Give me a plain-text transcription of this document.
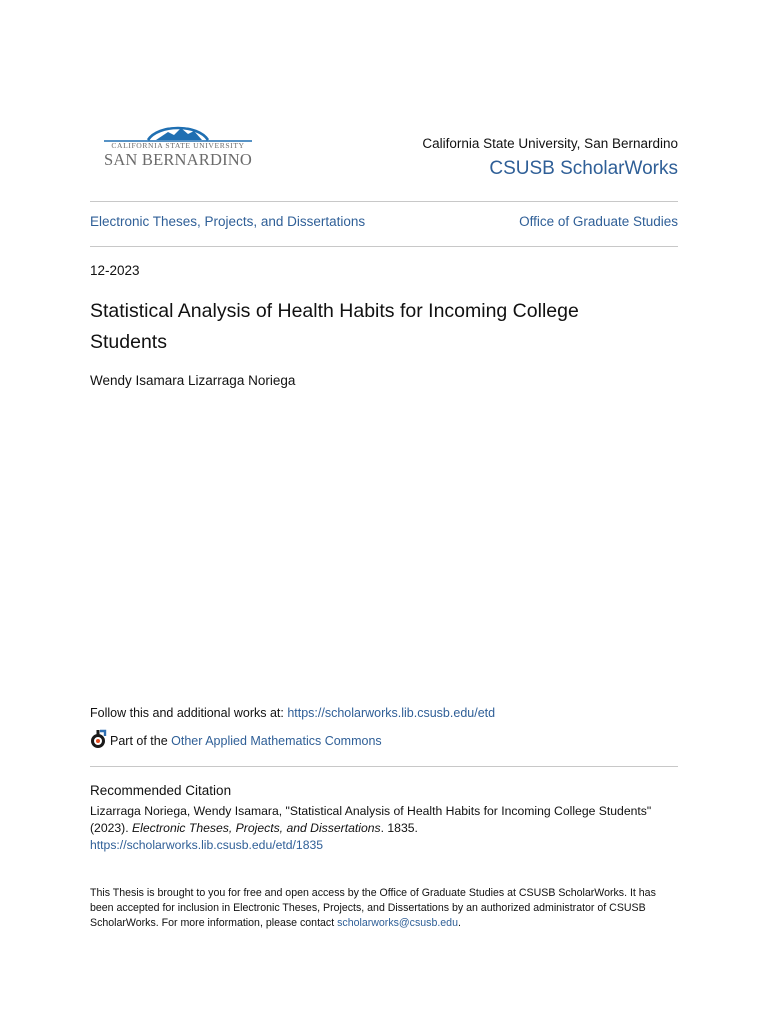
CALIFORNIA STATE UNIVERSITY
SAN BERNARDINO
California State University, San Bernardino
CSUSB ScholarWorks
Electronic Theses, Projects, and Dissertations	Office of Graduate Studies
12-2023
Statistical Analysis of Health Habits for Incoming College Students
Wendy Isamara Lizarraga Noriega
Follow this and additional works at: https://scholarworks.lib.csusb.edu/etd
Part of the Other Applied Mathematics Commons
Recommended Citation
Lizarraga Noriega, Wendy Isamara, "Statistical Analysis of Health Habits for Incoming College Students" (2023). Electronic Theses, Projects, and Dissertations. 1835.
https://scholarworks.lib.csusb.edu/etd/1835
This Thesis is brought to you for free and open access by the Office of Graduate Studies at CSUSB ScholarWorks. It has been accepted for inclusion in Electronic Theses, Projects, and Dissertations by an authorized administrator of CSUSB ScholarWorks. For more information, please contact scholarworks@csusb.edu.
